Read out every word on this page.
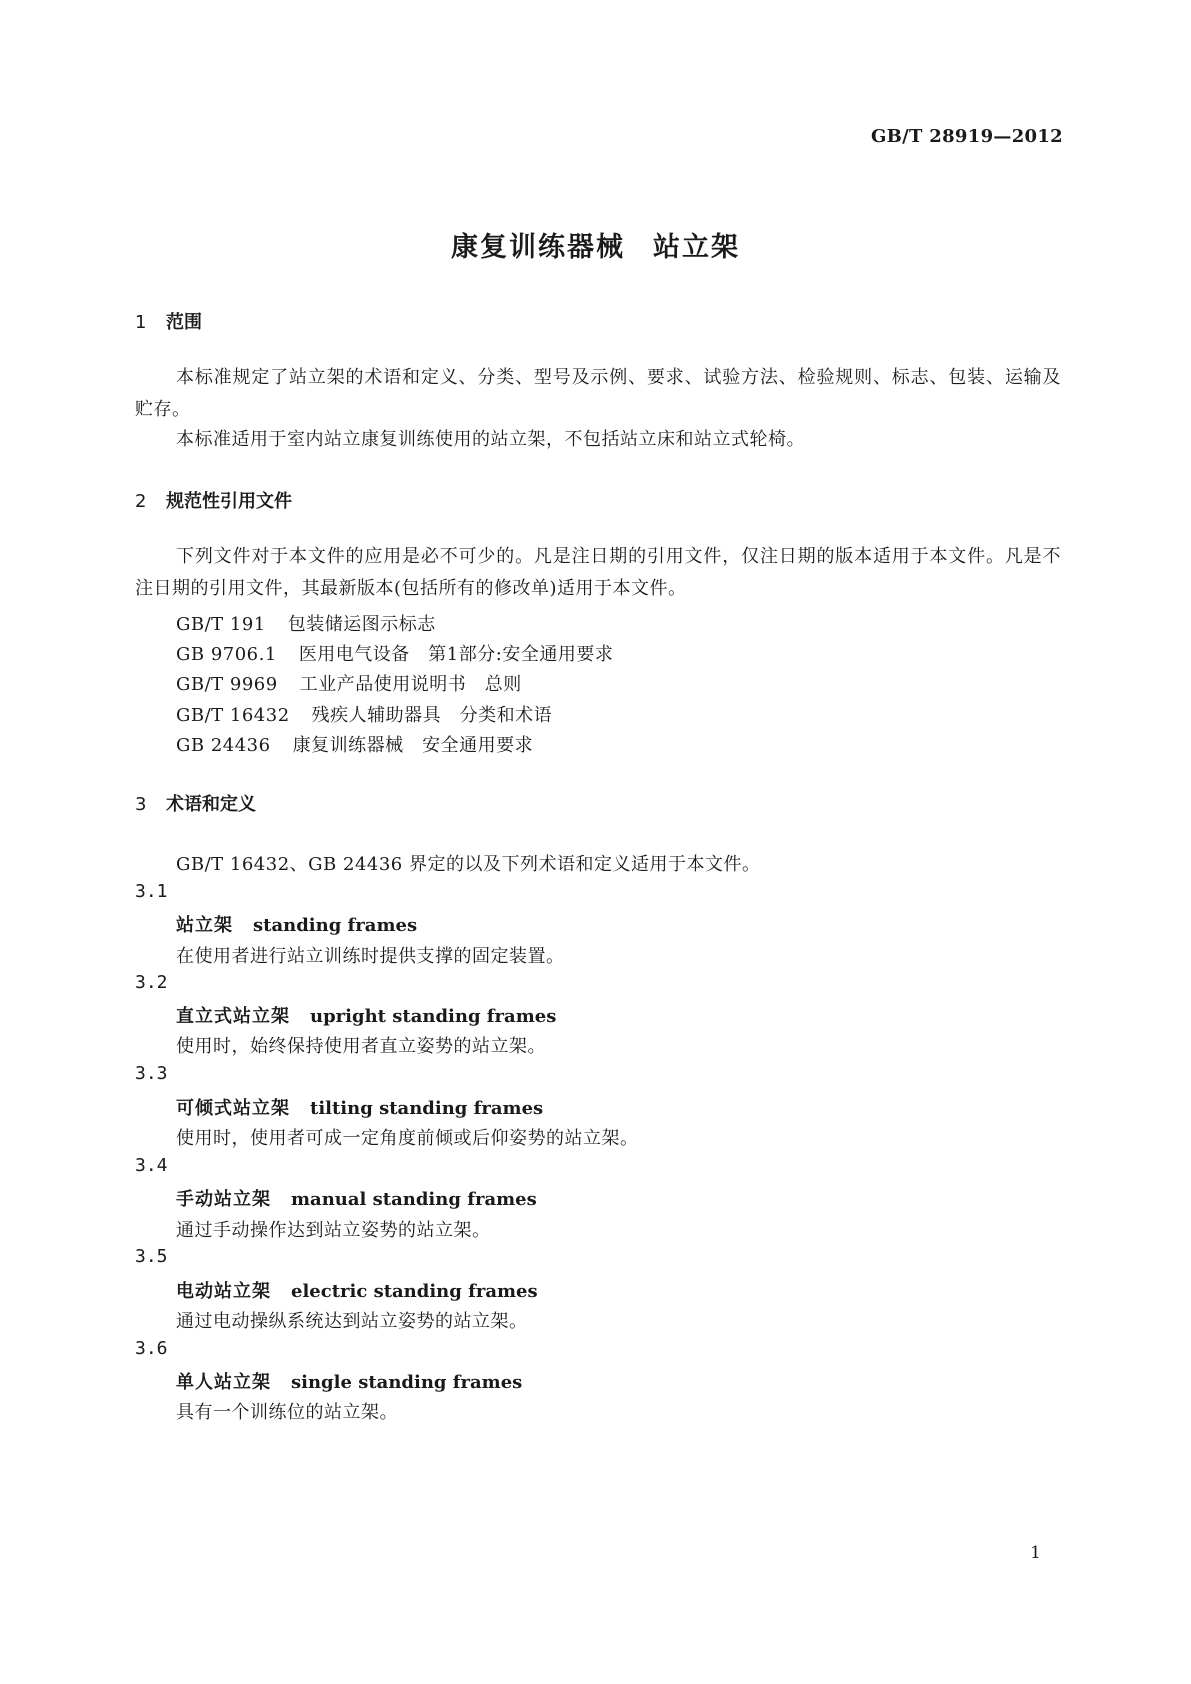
GB/T 28919—2012
康复训练器械 站立架
1 范围
本标准规定了站立架的术语和定义、分类、型号及示例、要求、试验方法、检验规则、标志、包装、运输及贮存。
本标准适用于室内站立康复训练使用的站立架，不包括站立床和站立式轮椅。
2 规范性引用文件
下列文件对于本文件的应用是必不可少的。凡是注日期的引用文件，仅注日期的版本适用于本文件。凡是不注日期的引用文件，其最新版本(包括所有的修改单)适用于本文件。
GB/T 191 包装储运图示标志
GB 9706.1 医用电气设备　第1部分:安全通用要求
GB/T 9969 工业产品使用说明书　总则
GB/T 16432 残疾人辅助器具　分类和术语
GB 24436 康复训练器械　安全通用要求
3 术语和定义
GB/T 16432、GB 24436 界定的以及下列术语和定义适用于本文件。
3.1
站立架 standing frames
在使用者进行站立训练时提供支撑的固定装置。
3.2
直立式站立架 upright standing frames
使用时，始终保持使用者直立姿势的站立架。
3.3
可倾式站立架 tilting standing frames
使用时，使用者可成一定角度前倾或后仰姿势的站立架。
3.4
手动站立架 manual standing frames
通过手动操作达到站立姿势的站立架。
3.5
电动站立架 electric standing frames
通过电动操纵系统达到站立姿势的站立架。
3.6
单人站立架 single standing frames
具有一个训练位的站立架。
1
